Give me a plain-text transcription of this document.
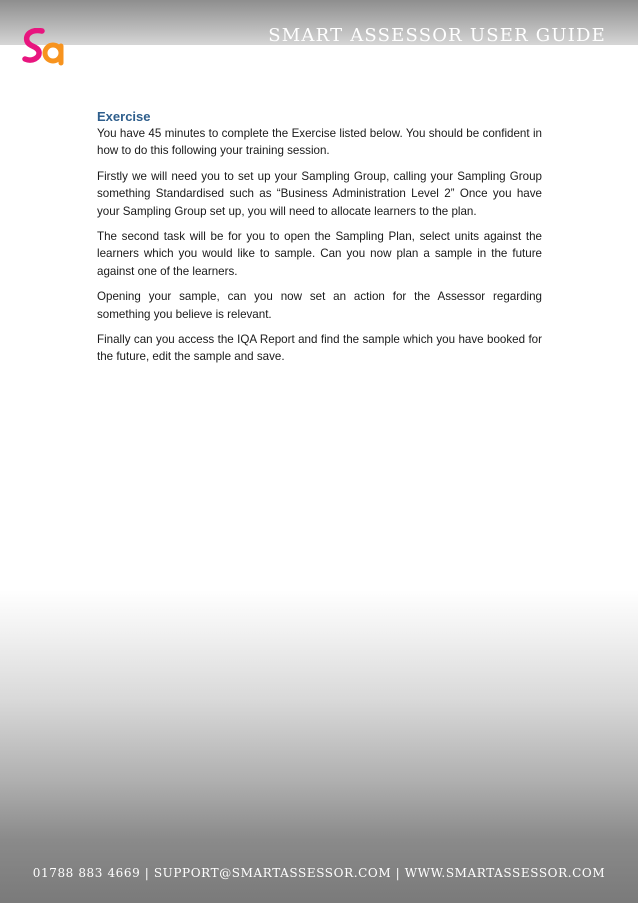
SMART ASSESSOR USER GUIDE
Exercise

You have 45 minutes to complete the Exercise listed below. You should be confident in how to do this following your training session.

Firstly we will need you to set up your Sampling Group, calling your Sampling Group something Standardised such as “Business Administration Level 2” Once you have your Sampling Group set up, you will need to allocate learners to the plan.

The second task will be for you to open the Sampling Plan, select units against the learners which you would like to sample. Can you now plan a sample in the future against one of the learners.

Opening your sample, can you now set an action for the Assessor regarding something you believe is relevant.

Finally can you access the IQA Report and find the sample which you have booked for the future, edit the sample and save.

01788 883 4669 | SUPPORT@SMARTASSESSOR.COM | WWW.SMARTASSESSOR.COM
